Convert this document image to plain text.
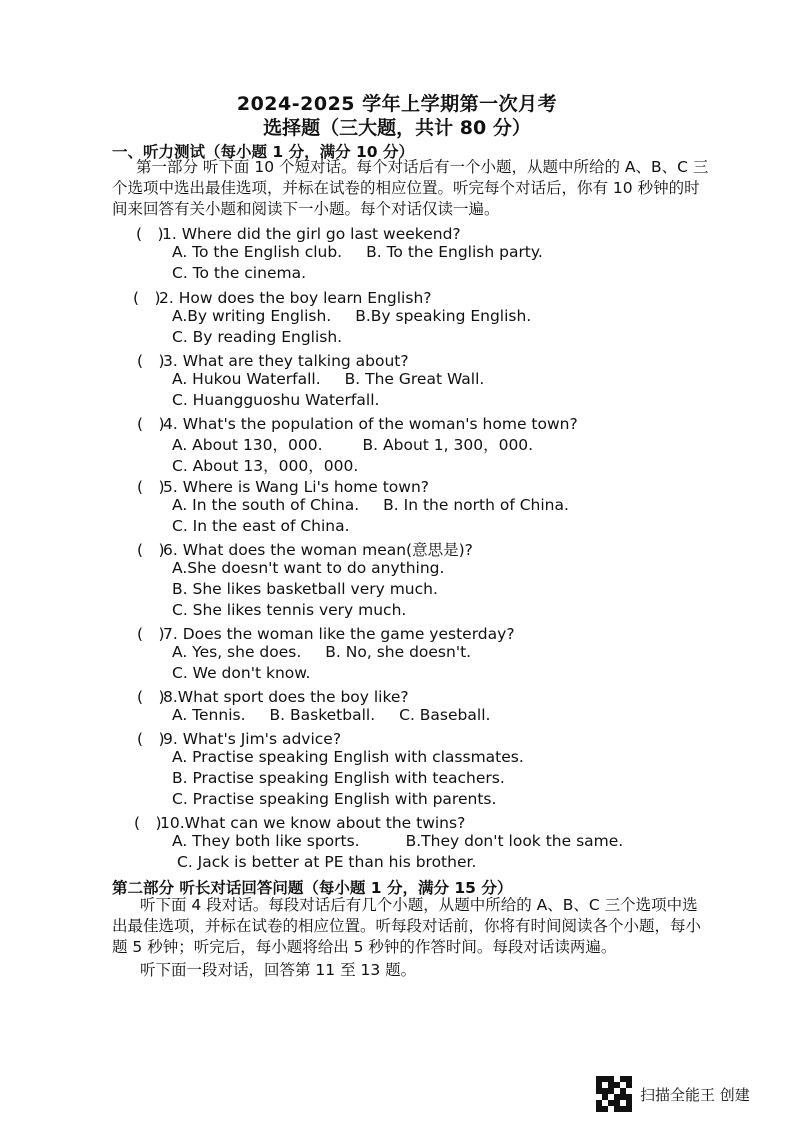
2024-2025 学年上学期第一次月考
选择题（三大题，共计 80 分）
一、听力测试（每小题 1 分，满分 10 分）
第一部分 听下面 10 个短对话。每个对话后有一个小题，从题中所给的 A、B、C 三个选项中选出最佳选项，并标在试卷的相应位置。听完每个对话后，你有 10 秒钟的时间来回答有关小题和阅读下一小题。每个对话仅读一遍。
(　)1. Where did the girl go last weekend?
A. To the English club. B. To the English party.
C. To the cinema.
(　)2. How does the boy learn English?
A.By writing English. B.By speaking English.
C. By reading English.
(　)3. What are they talking about?
A. Hukou Waterfall. B. The Great Wall.
C. Huangguoshu Waterfall.
(　)4. What's the population of the woman's home town?
A. About 130，000.	B. About 1, 300，000.
C. About 13，000，000.
(　)5. Where is Wang Li's home town?
A. In the south of China. B. In the north of China.
C. In the east of China.
(　)6. What does the woman mean(意思是)?
A.She doesn't want to do anything.
B. She likes basketball very much.
C. She likes tennis very much.
(　)7. Does the woman like the game yesterday?
A. Yes, she does. B. No, she doesn't.
C. We don't know.
(　)8.What sport does the boy like?
A. Tennis. B. Basketball. C. Baseball.
(　)9. What's Jim's advice?
A. Practise speaking English with classmates.
B. Practise speaking English with teachers.
C. Practise speaking English with parents.
(　)10.What can we know about the twins?
A. They both like sports.	B.They don't look the same.
C. Jack is better at PE than his brother.
第二部分 听长对话回答问题（每小题 1 分，满分 15 分）
听下面 4 段对话。每段对话后有几个小题，从题中所给的 A、B、C 三个选项中选出最佳选项，并标在试卷的相应位置。听每段对话前，你将有时间阅读各个小题，每小题 5 秒钟；听完后，每小题将给出 5 秒钟的作答时间。每段对话读两遍。
听下面一段对话，回答第 11 至 13 题。
扫描全能王 创建
